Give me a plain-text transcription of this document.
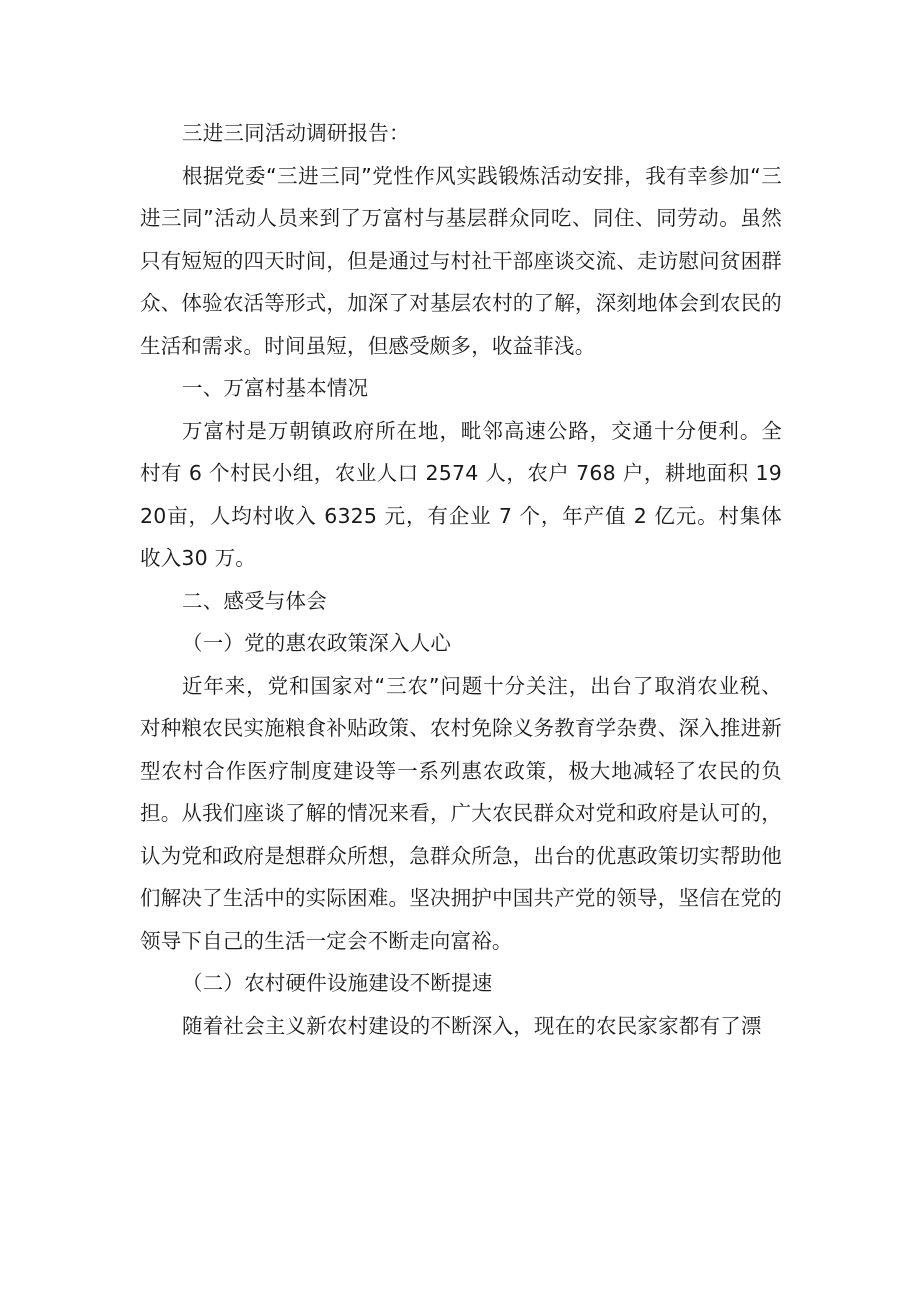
三进三同活动调研报告：

根据党委“三进三同”党性作风实践锻炼活动安排，我有幸参加“三进三同”活动人员来到了万富村与基层群众同吃、同住、同劳动。虽然只有短短的四天时间，但是通过与村社干部座谈交流、走访慰问贫困群众、体验农活等形式，加深了对基层农村的了解，深刻地体会到农民的生活和需求。时间虽短，但感受颇多，收益菲浅。

一、万富村基本情况

万富村是万朝镇政府所在地，毗邻高速公路，交通十分便利。全村有 6 个村民小组，农业人口 2574 人，农户 768 户，耕地面积 1920亩，人均村收入 6325 元，有企业 7 个，年产值 2 亿元。村集体收入30 万。

二、感受与体会

（一）党的惠农政策深入人心

近年来，党和国家对“三农”问题十分关注，出台了取消农业税、对种粮农民实施粮食补贴政策、农村免除义务教育学杂费、深入推进新型农村合作医疗制度建设等一系列惠农政策，极大地减轻了农民的负担。从我们座谈了解的情况来看，广大农民群众对党和政府是认可的，认为党和政府是想群众所想，急群众所急，出台的优惠政策切实帮助他们解决了生活中的实际困难。坚决拥护中国共产党的领导，坚信在党的领导下自己的生活一定会不断走向富裕。

（二）农村硬件设施建设不断提速

随着社会主义新农村建设的不断深入，现在的农民家家都有了漂
